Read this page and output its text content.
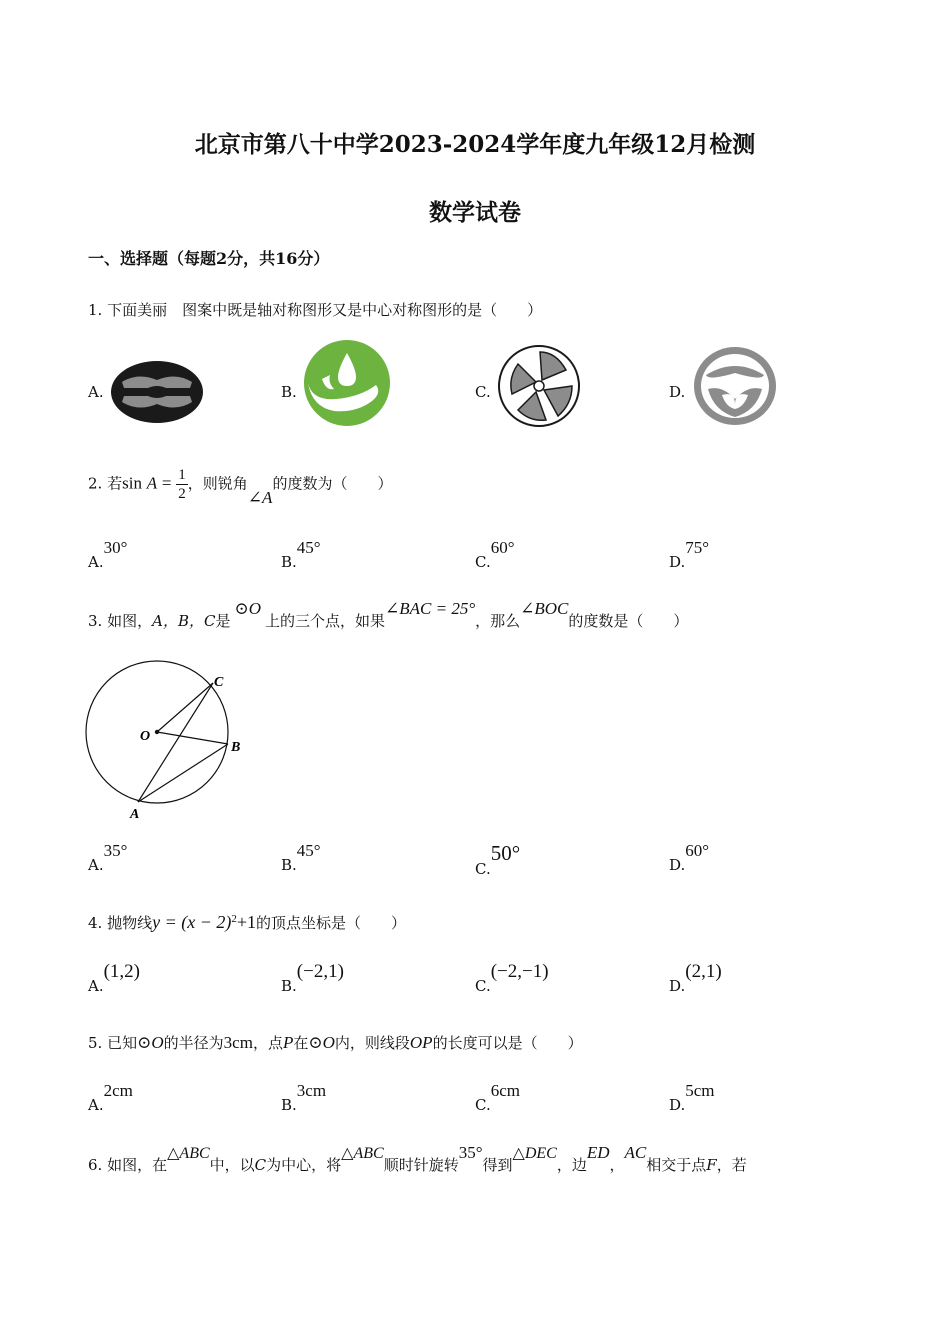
北京市第八十中学2023-2024学年度九年级12月检测
数学试卷
一、选择题（每题2分，共16分）
1. 下面美丽　图案中既是轴对称图形又是中心对称图形的是（　　）
A.	B.	C.	D.
2. 若$\sin A = \frac{1}{2}$ ，则锐角∠A的度数为（　　）
A.30°
B.45°
C.60°
D.75°
3. 如图，A，B，C是⊙O上的三个点，如果∠BAC = 25°，那么∠BOC的度数是（　　）
C
O
B
A
A.35°
B.45°
C.50°	D.60°
4. 抛物线$y = (x - 2)^2+1$的顶点坐标是（　　）
A.(1,2)
B.(−2,1)
C.(−2,−1)
D.(2,1)
5. 已知⊙O的半径为3cm，点P在⊙O内，则线段OP的长度可以是（　　）
A.2cm
B.3cm
C.6cm
D.5cm
6. 如图，在△ABC中，以C为中心，将△ABC顺时针旋转35°得到△DEC，边ED，AC相交于点F，若
